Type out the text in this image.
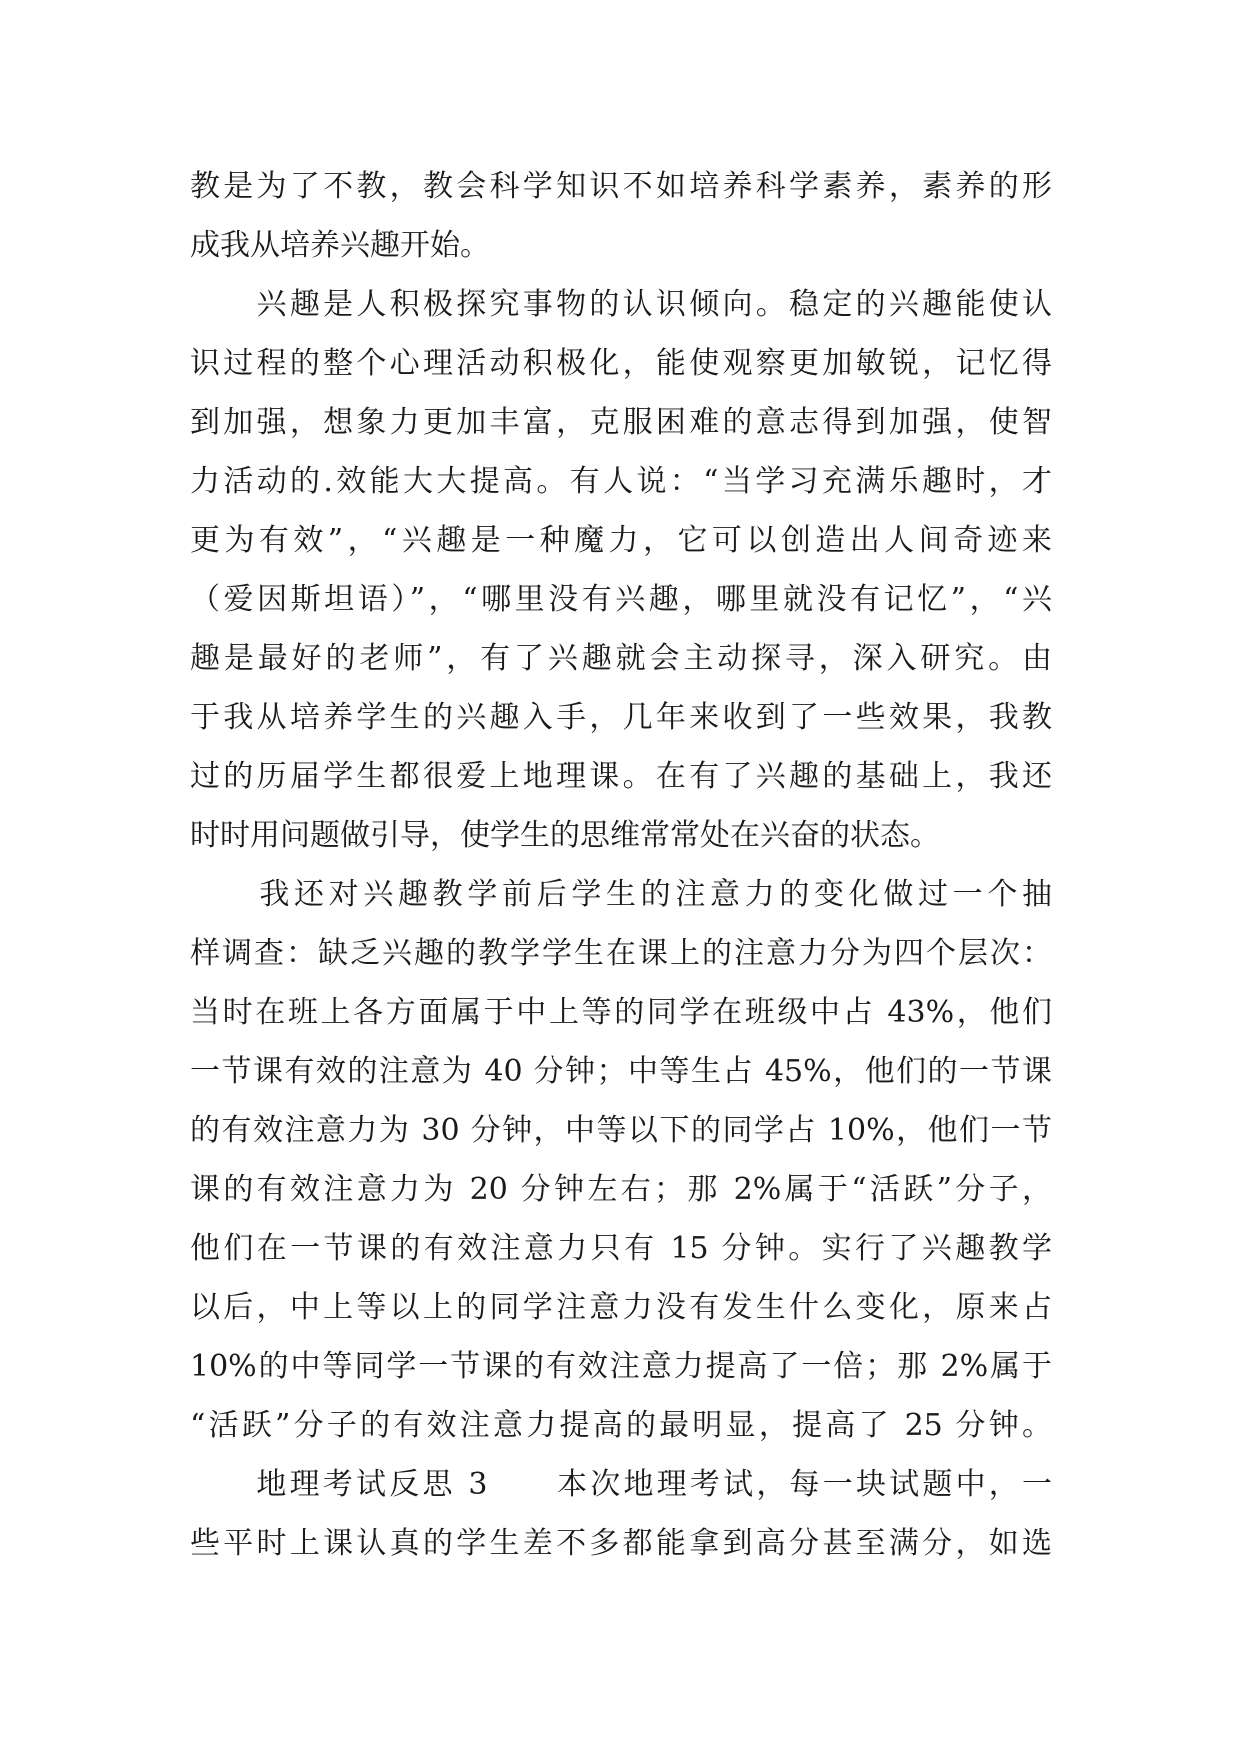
教是为了不教，教会科学知识不如培养科学素养，素养的形
成我从培养兴趣开始。
　　兴趣是人积极探究事物的认识倾向。稳定的兴趣能使认
识过程的整个心理活动积极化，能使观察更加敏锐，记忆得
到加强，想象力更加丰富，克服困难的意志得到加强，使智
力活动的.效能大大提高。有人说：“当学习充满乐趣时，才
更为有效”，“兴趣是一种魔力，它可以创造出人间奇迹来
（爱因斯坦语）”，“哪里没有兴趣，哪里就没有记忆”，“兴
趣是最好的老师”，有了兴趣就会主动探寻，深入研究。由
于我从培养学生的兴趣入手，几年来收到了一些效果，我教
过的历届学生都很爱上地理课。在有了兴趣的基础上，我还
时时用问题做引导，使学生的思维常常处在兴奋的状态。
　　我还对兴趣教学前后学生的注意力的变化做过一个抽
样调查：缺乏兴趣的教学学生在课上的注意力分为四个层次：
当时在班上各方面属于中上等的同学在班级中占 43%，他们
一节课有效的注意为 40 分钟；中等生占 45%，他们的一节课
的有效注意力为 30 分钟，中等以下的同学占 10%，他们一节
课的有效注意力为 20 分钟左右；那 2%属于“活跃”分子，
他们在一节课的有效注意力只有 15 分钟。实行了兴趣教学
以后，中上等以上的同学注意力没有发生什么变化，原来占
10%的中等同学一节课的有效注意力提高了一倍；那 2%属于
“活跃”分子的有效注意力提高的最明显，提高了 25 分钟。
　　地理考试反思 3　　本次地理考试，每一块试题中，一
些平时上课认真的学生差不多都能拿到高分甚至满分，如选
